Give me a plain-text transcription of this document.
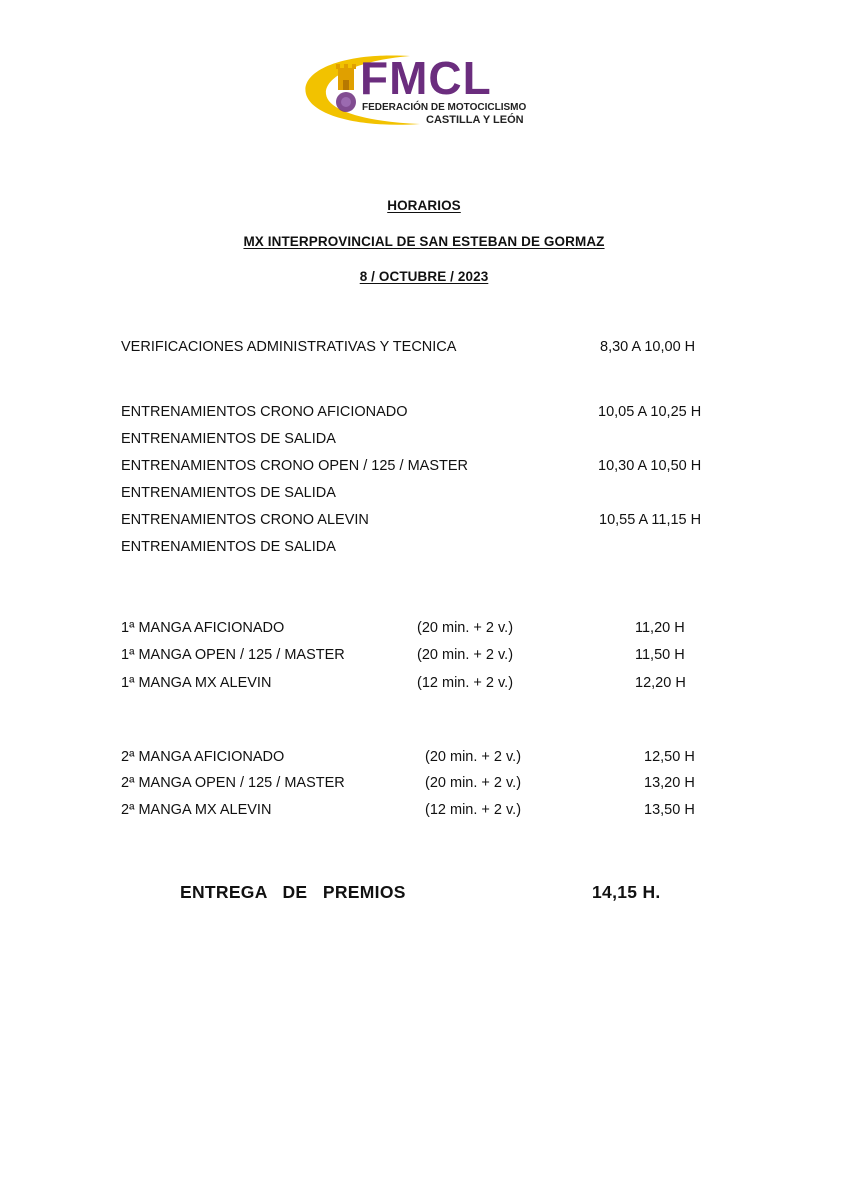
FMCL
FEDERACIÓN DE MOTOCICLISMO
CASTILLA Y LEÓN
HORARIOS
MX INTERPROVINCIAL DE SAN ESTEBAN DE GORMAZ
8 / OCTUBRE / 2023
VERIFICACIONES ADMINISTRATIVAS Y TECNICA	8,30 A 10,00 H
ENTRENAMIENTOS CRONO AFICIONADO	10,05 A 10,25 H
ENTRENAMIENTOS DE SALIDA
ENTRENAMIENTOS CRONO OPEN / 125 / MASTER	10,30 A 10,50 H
ENTRENAMIENTOS DE SALIDA
ENTRENAMIENTOS CRONO ALEVIN	10,55 A 11,15 H
ENTRENAMIENTOS DE SALIDA
1ª MANGA AFICIONADO	(20 min. + 2 v.)	11,20 H
1ª MANGA OPEN / 125 / MASTER	(20 min. + 2 v.)	11,50 H
1ª MANGA MX ALEVIN	(12 min. + 2 v.)	12,20 H
2ª MANGA AFICIONADO	(20 min. + 2 v.)	12,50 H
2ª MANGA OPEN / 125 / MASTER	(20 min. + 2 v.)	13,20 H
2ª MANGA MX ALEVIN	(12 min. + 2 v.)	13,50 H
ENTREGA   DE   PREMIOS	14,15 H.
